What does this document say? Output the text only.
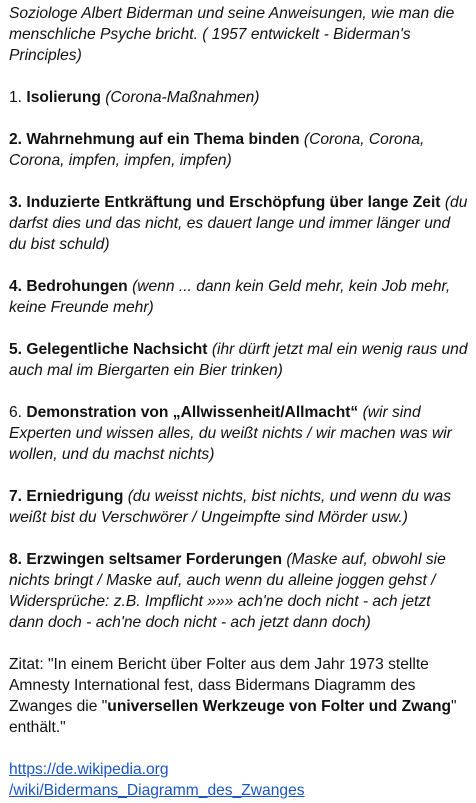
Soziologe Albert Biderman und seine Anweisungen, wie man die menschliche Psyche bricht. ( 1957 entwickelt - Biderman's Principles)

1. Isolierung (Corona-Maßnahmen)

2. Wahrnehmung auf ein Thema binden (Corona, Corona, Corona, impfen, impfen, impfen)

3. Induzierte Entkräftung und Erschöpfung über lange Zeit (du darfst dies und das nicht, es dauert lange und immer länger und du bist schuld)

4. Bedrohungen (wenn ... dann kein Geld mehr, kein Job mehr, keine Freunde mehr)

5. Gelegentliche Nachsicht (ihr dürft jetzt mal ein wenig raus und auch mal im Biergarten ein Bier trinken)

6. Demonstration von „Allwissenheit/Allmacht“ (wir sind Experten und wissen alles, du weißt nichts / wir machen was wir wollen, und du machst nichts)

7. Erniedrigung (du weisst nichts, bist nichts, und wenn du was weißt bist du Verschwörer / Ungeimpfte sind Mörder usw.)

8. Erzwingen seltsamer Forderungen (Maske auf, obwohl sie nichts bringt / Maske auf, auch wenn du alleine joggen gehst / Widersprüche: z.B. Impflicht »»» ach'ne doch nicht - ach jetzt dann doch - ach'ne doch nicht - ach jetzt dann doch)

Zitat: "In einem Bericht über Folter aus dem Jahr 1973 stellte Amnesty International fest, dass Bidermans Diagramm des Zwanges die "universellen Werkzeuge von Folter und Zwang" enthält."

https://de.wikipedia.org
/wiki/Bidermans_Diagramm_des_Zwanges
